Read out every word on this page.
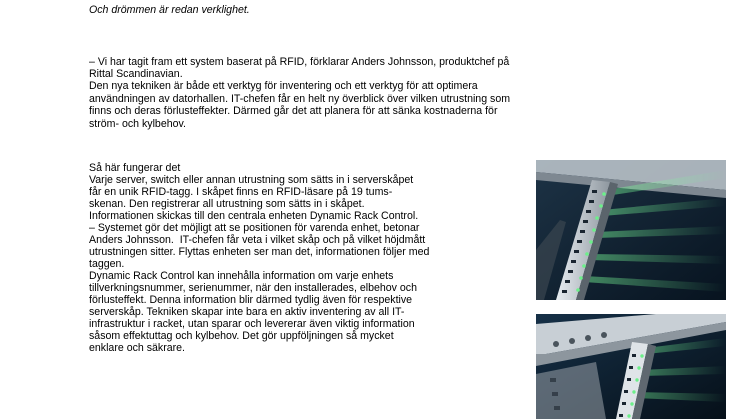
Och drömmen är redan verklighet.
– Vi har tagit fram ett system baserat på RFID, förklarar Anders Johnsson, produktchef på
Rittal Scandinavian.
Den nya tekniken är både ett verktyg för inventering och ett verktyg för att optimera
användningen av datorhallen. IT-chefen får en helt ny överblick över vilken utrustning som
finns och deras förlusteffekter. Därmed går det att planera för att sänka kostnaderna för
ström- och kylbehov.
Så här fungerar det
Varje server, switch eller annan utrustning som sätts in i serverskåpet
får en unik RFID-tagg. I skåpet finns en RFID-läsare på 19 tums-
skenan. Den registrerar all utrustning som sätts in i skåpet.
Informationen skickas till den centrala enheten Dynamic Rack Control.
– Systemet gör det möjligt att se positionen för varenda enhet, betonar
Anders Johnsson.  IT-chefen får veta i vilket skåp och på vilket höjdmått
utrustningen sitter. Flyttas enheten ser man det, informationen följer med
taggen.
Dynamic Rack Control kan innehålla information om varje enhets
tillverkningsnummer, serienummer, när den installerades, elbehov och
förlusteffekt. Denna information blir därmed tydlig även för respektive
serverskåp. Tekniken skapar inte bara en aktiv inventering av all IT-
infrastruktur i racket, utan sparar och levererar även viktig information
såsom effektuttag och kylbehov. Det gör uppföljningen så mycket
enklare och säkrare.
